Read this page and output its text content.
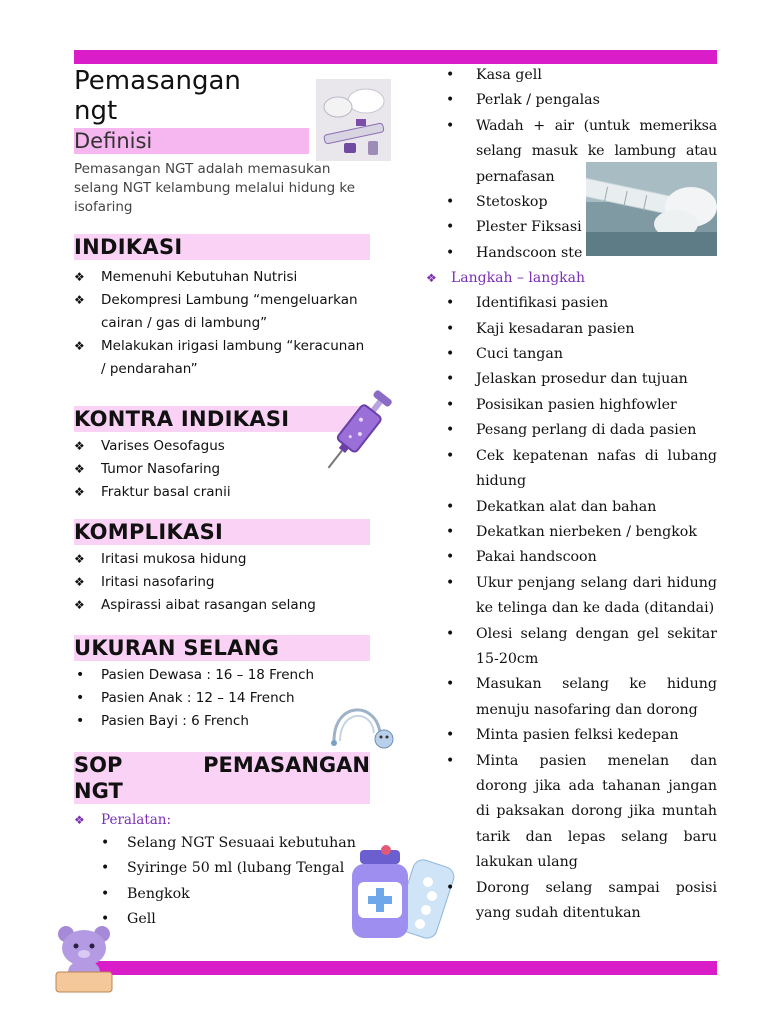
Pemasangan ngt
Definisi
Pemasangan NGT adalah memasukan selang NGT kelambung melalui hidung ke isofaring
INDIKASI
❖ Memenuhi Kebutuhan Nutrisi
❖ Dekompresi Lambung “mengeluarkan cairan / gas di lambung”
❖ Melakukan irigasi lambung “keracunan / pendarahan”
KONTRA INDIKASI
❖ Varises Oesofagus
❖ Tumor Nasofaring
❖ Fraktur basal cranii
KOMPLIKASI
❖ Iritasi mukosa hidung
❖ Iritasi nasofaring
❖ Aspirassi aibat rasangan selang
UKURAN SELANG
• Pasien Dewasa : 16 – 18 French
• Pasien Anak : 12 – 14 French
• Pasien Bayi : 6 French
SOP	PEMASANGAN
NGT
❖ Peralatan:
• Selang NGT Sesuaai kebutuhan
• Syiringe 50 ml (lubang Tengal
• Bengkok
• Gell
• Kasa gell
• Perlak / pengalas
• Wadah + air (untuk memeriksa selang masuk ke lambung atau pernafasan
• Stetoskop
• Plester Fiksasi
• Handscoon ste
❖ Langkah – langkah
• Identifikasi pasien
• Kaji kesadaran pasien
• Cuci tangan
• Jelaskan prosedur dan tujuan
• Posisikan pasien highfowler
• Pesang perlang di dada pasien
• Cek kepatenan nafas di lubang hidung
• Dekatkan alat dan bahan
• Dekatkan nierbeken / bengkok
• Pakai handscoon
• Ukur penjang selang dari hidung ke telinga dan ke dada (ditandai)
• Olesi selang dengan gel sekitar 15-20cm
• Masukan selang ke hidung menuju nasofaring dan dorong
• Minta pasien felksi kedepan
• Minta pasien menelan dan dorong jika ada tahanan jangan di paksakan dorong jika muntah tarik dan lepas selang baru lakukan ulang
• Dorong selang sampai posisi yang sudah ditentukan
